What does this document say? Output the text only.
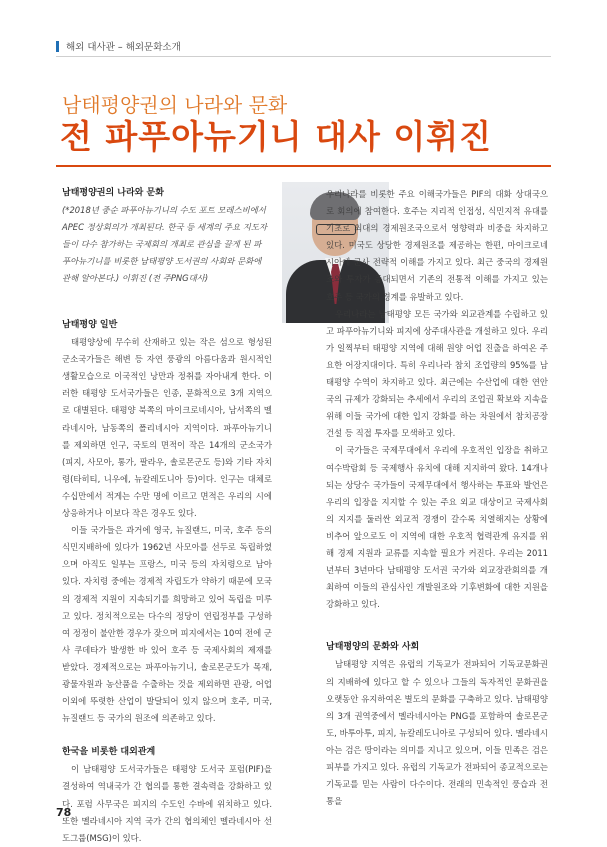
해외 대사관 – 해외문화소개
남태평양권의 나라와 문화
전 파푸아뉴기니 대사 이휘진
남태평양권의 나라와 문화
(*2018년 중순 파푸아뉴기니의 수도 포트 모레스비에서 APEC 정상회의가 개최된다. 한국 등 세계의 주요 지도자들이 다수 참가하는 국제회의 개최로 관심을 끌게 된 파푸아뉴기니를 비롯한 남태평양 도서권의 사회와 문화에 관해 알아본다.) 이휘진 (전 주PNG대사)
남태평양 일반

태평양상에 무수히 산재하고 있는 작은 섬으로 형성된 군소국가들은 해변 등 자연 풍광의 아름다움과 원시적인 생활모습으로 이국적인 낭만과 정취를 자아내게 한다. 이러한 태평양 도서국가들은 인종, 문화적으로 3개 지역으로 대별된다. 태평양 북쪽의 마이크로네시아, 남서쪽의 멜라네시아, 남동쪽의 폴리네시아 지역이다. 파푸아뉴기니를 제외하면 인구, 국토의 면적이 작은 14개의 군소국가(피지, 사모아, 통가, 팔라우, 솔로몬군도 등)와 기타 자치령(타히티, 니우에, 뉴칼레도니아 등)이다. 인구는 대체로 수십만에서 적게는 수만 명에 이르고 면적은 우리의 시에 상응하거나 이보다 작은 경우도 있다.

이들 국가들은 과거에 영국, 뉴질랜드, 미국, 호주 등의 식민지배하에 있다가 1962년 사모아를 선두로 독립하였으며 아직도 일부는 프랑스, 미국 등의 자치령으로 남아 있다. 자치령 중에는 경제적 자립도가 약하기 때문에 모국의 경제적 지원이 지속되기를 희망하고 있어 독립을 미루고 있다. 정치적으로는 다수의 정당이 연립정부를 구성하여 정정이 불안한 경우가 잦으며 피지에서는 10여 전에 군사 쿠데타가 발생한 바 있어 호주 등 국제사회의 제재를 받았다. 경제적으로는 파푸아뉴기니, 솔로몬군도가 목재, 광물자원과 농산품을 수출하는 것을 제외하면 관광, 어업 이외에 뚜렷한 산업이 발달되어 있지 않으며 호주, 미국, 뉴질랜드 등 국가의 원조에 의존하고 있다.

한국을 비롯한 대외관계

이 남태평양 도서국가들은 태평양 도서국 포럼(PIF)을 결성하여 역내국가 간 협의를 통한 결속력을 강화하고 있다. 포럼 사무국은 피지의 수도인 수바에 위치하고 있다. 또한 멜라네시아 지역 국가 간의 협의체인 멜라네시아 선도그룹(MSG)이 있다.

우리나라를 비롯한 주요 이해국가들은 PIF의 대화 상대국으로 회의에 참여한다. 호주는 지리적 인접성, 식민지적 유대를 기초로 최대의 경제원조국으로서 영향력과 비중을 차지하고 있다. 미국도 상당한 경제원조를 제공하는 한편, 마이크로네시아에 군사 전략적 이해를 가지고 있다. 최근 중국의 경제원조와 투자가 증대되면서 기존의 전통적 이해를 가지고 있는 호주 등 국가의 경계를 유발하고 있다.

우리나라는 남태평양 모든 국가와 외교관계를 수립하고 있고 파푸아뉴기니와 피지에 상주대사관을 개설하고 있다. 우리가 일찍부터 태평양 지역에 대해 원양 어업 진출을 하여온 주요한 어장지대이다. 특히 우리나라 참치 조업량의 95%를 남태평양 수역이 차지하고 있다. 최근에는 수산업에 대한 연안국의 규제가 강화되는 추세에서 우리의 조업권 확보와 지속을 위해 이들 국가에 대한 입지 강화를 하는 차원에서 참치공장 건설 등 직접 투자를 모색하고 있다.

이 국가들은 국제무대에서 우리에 우호적인 입장을 취하고 여수박람회 등 국제행사 유치에 대해 지지하여 왔다. 14개나 되는 상당수 국가들이 국제무대에서 행사하는 투표와 발언은 우리의 입장을 지지할 수 있는 주요 외교 대상이고 국제사회의 지지를 둘러싼 외교적 경쟁이 갈수록 치열해지는 상황에 비추어 앞으로도 이 지역에 대한 우호적 협력관계 유지를 위해 경제 지원과 교류를 지속할 필요가 커진다. 우리는 2011년부터 3년마다 남태평양 도서권 국가와 외교장관회의를 개최하여 이들의 관심사인 개발원조와 기후변화에 대한 지원을 강화하고 있다.

남태평양의 문화와 사회

남태평양 지역은 유럽의 기독교가 전파되어 기독교문화권의 지배하에 있다고 할 수 있으나 그들의 독자적인 문화권을 오랫동안 유지하여온 별도의 문화를 구축하고 있다. 남태평양의 3개 권역중에서 멜라네시아는 PNG를 포함하여 솔로몬군도, 바투아투, 피지, 뉴칼레도니아로 구성되어 있다. 멜라네시아는 검은 땅이라는 의미를 지니고 있으며, 이들 민족은 검은 피부를 가지고 있다. 유럽의 기독교가 전파되어 종교적으로는 기독교를 믿는 사람이 다수이다. 전래의 민속적인 풍습과 전통을

78
